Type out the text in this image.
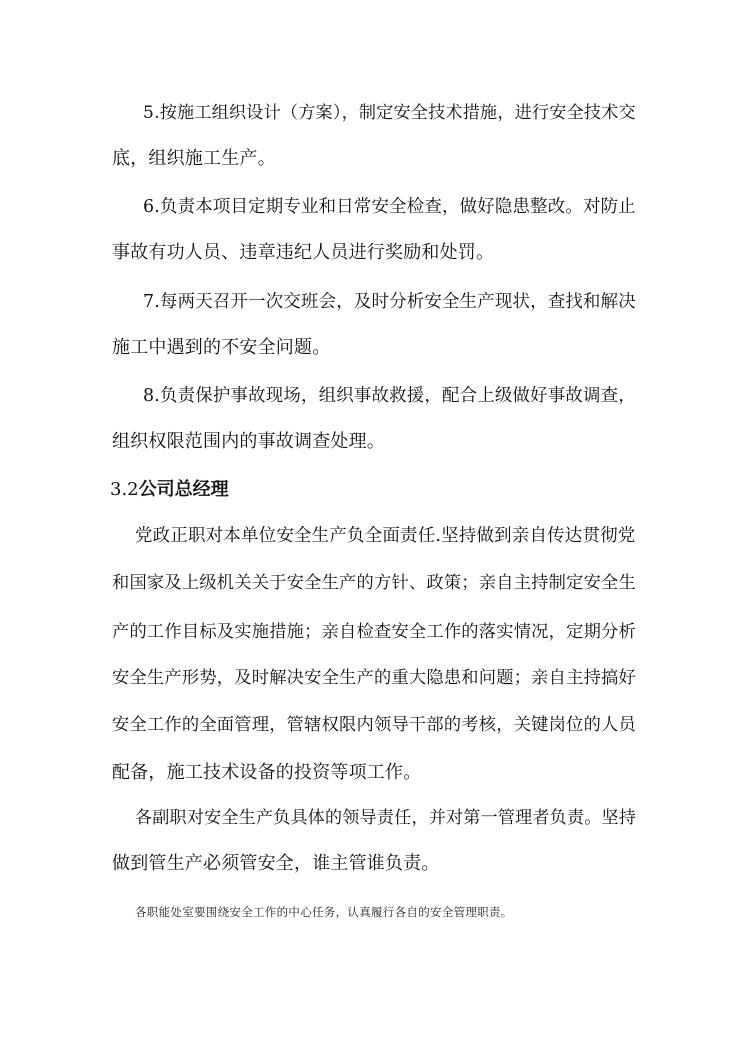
5.按施工组织设计（方案），制定安全技术措施，进行安全技术交
底，组织施工生产。
6.负责本项目定期专业和日常安全检查，做好隐患整改。对防止
事故有功人员、违章违纪人员进行奖励和处罚。
7.每两天召开一次交班会，及时分析安全生产现状，查找和解决
施工中遇到的不安全问题。
8.负责保护事故现场，组织事故救援，配合上级做好事故调查，
组织权限范围内的事故调查处理。
3.2公司总经理
党政正职对本单位安全生产负全面责任.坚持做到亲自传达贯彻党
和国家及上级机关关于安全生产的方针、政策；亲自主持制定安全生
产的工作目标及实施措施；亲自检查安全工作的落实情况，定期分析
安全生产形势，及时解决安全生产的重大隐患和问题；亲自主持搞好
安全工作的全面管理，管辖权限内领导干部的考核，关键岗位的人员
配备，施工技术设备的投资等项工作。
各副职对安全生产负具体的领导责任，并对第一管理者负责。坚持
做到管生产必须管安全，谁主管谁负责。
各职能处室要围绕安全工作的中心任务，认真履行各自的安全管理职责。
